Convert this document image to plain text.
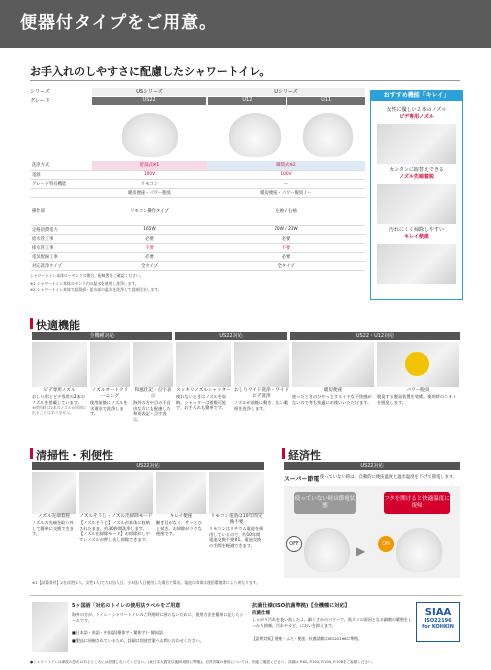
便器付タイプをご用意。
お手入れのしやすさに配慮したシャワートイレ。
シリーズ	USシリーズ	Uシリーズ
グレード	US22	U12	U11
洗浄方式	貯湯式※1	瞬間式※2
電源	100V	100V
グレード特長機能	リモコン	ー
	暖房便座・パワー脱臭	暖房便座・パワー脱臭 / ー
操作部	リモコン操作タイプ	左袖 / 右袖
定格消費電力	165W	70W / 23W
給水管工事	必要	必要
排水管工事	不要	不要
電気配線工事	必要	必要
対応洗浄タイプ	全タイプ	全タイプ
シャワートイレ本体ロータンクの場合、配線図をご確認ください。
※1 シャワートイレ本体のタンク内の温水を使用し洗浄します。
※2 シャワートイレ本体で給湯部・給水部の温水を洗浄して直接送水します。
おすすめ機能「キレイ」
女性に優しい２本のノズル
ビデ専用ノズル
カンタンに取替えできる
ノズル先端着脱
汚れにくく掃除しやすい
キレイ便座
快適機能
全機種対応	US22対応	US22・U12対応
ビデ専用ノズル
おしり用とビデ専用の2本のノズルを搭載しています。
※使用時は2本のノズルが同時に出ることはありません。
ノズルオートクリーニング
使用前後にノズルを水道水で洗浄します。
和風仕記・点字表示
海外の方や目の不自由な方にも配慮した和英表記・点字表示。
スッキリノズルシャッター
使わないときはノズルを収納。シャッターは着脱可能で、お手入れも簡単です。
おしりワイド洗浄・ワイドビデ洗浄
ノズルが前後に動き、広い範囲を洗浄します。
暖房便座
座ったときのひやっとするイヤな不快感がないので冬も快適にお使いいただけます。
パワー脱臭
脱臭する脱臭装置を装備。使用時のニオイを脱臭します。
清掃性・利便性
US22対応
ノズル先端着脱
ノズルの先端を取り外して簡単に交換できます。
ノズルそうじ・ノズル出掃除モード
【ノズルそうじ】ノズルが本体に収納されたまま、約30秒間洗浄します。【ノズル出掃除モード】お掃除がしやすいノズルが押し出し掃除できます。
キレイ便座
継ぎ目がなく、サッとひと拭き。お掃除がラクな便座です。
リモコン電池は10年間交換不要
リモコンはリチウム電池を採用しているので、約10年間電池交換不要※1。電池交換の手間を軽減できます。
※1【試算条件】2名(男性1人、女性1人)で大1回/人日、小3回/人日使用した場合で算出。電池の寿命は使用環境等により異なります。
経済性
US22対応
スーパー節電 使っていない時は、自動的に便座温度と温水温度を下げて節電します。
使っていない時は節電状態
フタを開けると快適温度に復帰
OFF	ON
▶
5ヶ国語「対応のトイレの使用法ラベルをご用意
海外の方が、トイレ・シャワートイレのご利用時に困らないために、使用方法を簡単に記したシールです。
■日本語・英語・中国語(簡体字・繁体字)・韓国語
■製品に同梱されているため、詳細は別途営業へお問い合わせください。
抗菌仕様(ISO抗菌準拠)【全機種に対応】
抗菌仕様
しゃがり汚れを表い流したよ。細くさかのパワーで、黒ズミの原因となる細菌の繁殖をしっかり抑制。汚れやカビ、においを抑えます。
【証明対象】便座・ふた・便座。抗菌試験はISO22196に準拠。
SIAA
ISO22196
for KOHKIN
●シャワートイレは津波の恐れのあるところには設置しないでください。(東日本大震災以後JIS規格に準拠)。自然冷媒の使用については、別途ご確認ください。詳細は P.62, P.101, P.104, P.108をご参照ください。
